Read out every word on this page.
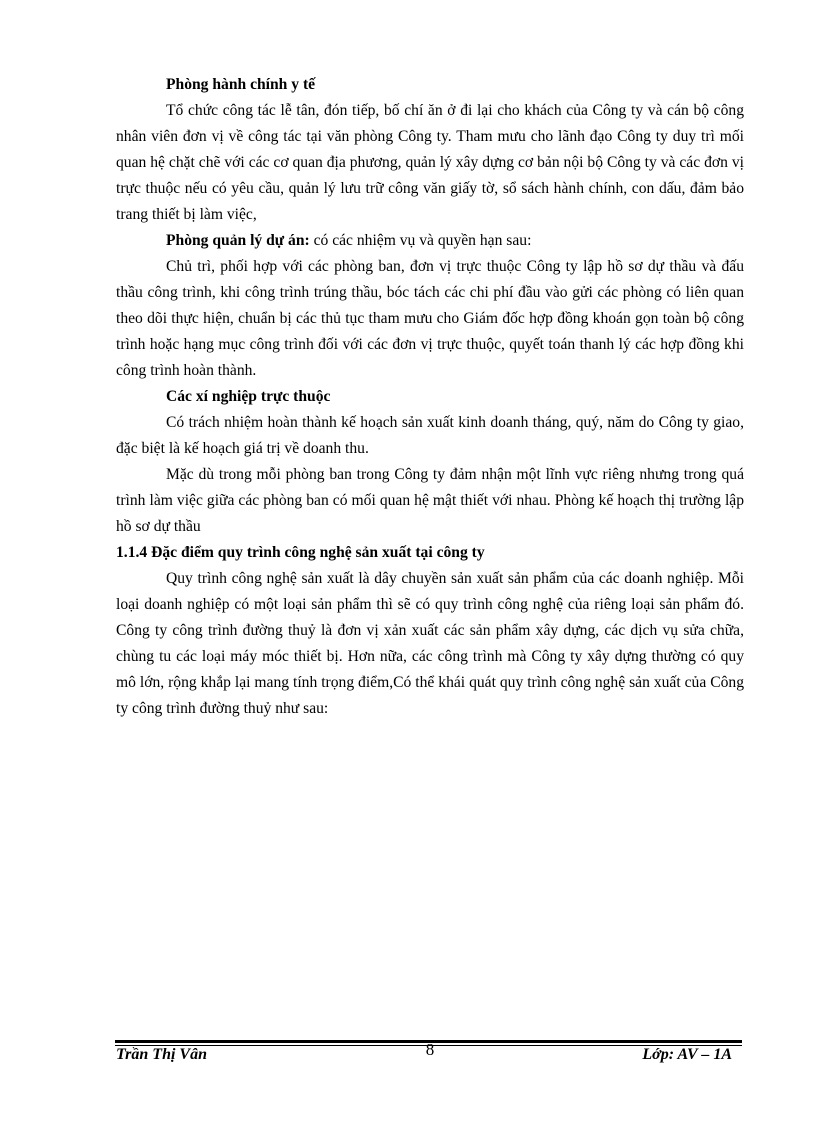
Phòng hành chính y tế

Tổ chức công tác lễ tân, đón tiếp, bố chí ăn ở đi lại cho khách của Công ty và cán bộ công nhân viên đơn vị về công tác tại văn phòng Công ty. Tham mưu cho lãnh đạo Công ty duy trì mối quan hệ chặt chẽ với các cơ quan địa phương, quản lý xây dựng cơ bản nội bộ Công ty và các đơn vị trực thuộc nếu có yêu cầu, quản lý lưu trữ công văn giấy tờ, sổ sách hành chính, con dấu, đảm bảo trang thiết bị làm việc,

Phòng quản lý dự án: có các nhiệm vụ và quyền hạn sau:

Chủ trì, phối hợp với các phòng ban, đơn vị trực thuộc Công ty lập hồ sơ dự thầu và đấu thầu công trình, khi công trình trúng thầu, bóc tách các chi phí đầu vào gửi các phòng có liên quan theo dõi thực hiện, chuẩn bị các thủ tục tham mưu cho Giám đốc hợp đồng khoán gọn toàn bộ công trình hoặc hạng mục công trình đối với các đơn vị trực thuộc, quyết toán thanh lý các hợp đồng khi công trình hoàn thành.

Các xí nghiệp trực thuộc

Có trách nhiệm hoàn thành kế hoạch sản xuất kinh doanh tháng, quý, năm do Công ty giao, đặc biệt là kế hoạch giá trị về doanh thu.

Mặc dù trong mỗi phòng ban trong Công ty đảm nhận một lĩnh vực riêng nhưng trong quá trình làm việc giữa các phòng ban có mối quan hệ mật thiết với nhau. Phòng kế hoạch thị trường lập hồ sơ dự thầu

1.1.4 Đặc điểm quy trình công nghệ sản xuất tại công ty

Quy trình công nghệ sản xuất là dây chuyền sản xuất sản phẩm của các doanh nghiệp. Mỗi loại doanh nghiệp có một loại sản phẩm thì sẽ có quy trình công nghệ của riêng loại sản phẩm đó. Công ty công trình đường thuỷ là đơn vị xản xuất các sản phẩm xây dựng, các dịch vụ sửa chữa, chùng tu các loại máy móc thiết bị. Hơn nữa, các công trình mà Công ty xây dựng thường có quy mô lớn, rộng khắp lại mang tính trọng điểm,Có thể khái quát quy trình công nghệ sản xuất của Công ty công trình đường thuỷ như sau:

Trần Thị Vân	8	Lớp: AV – 1A
